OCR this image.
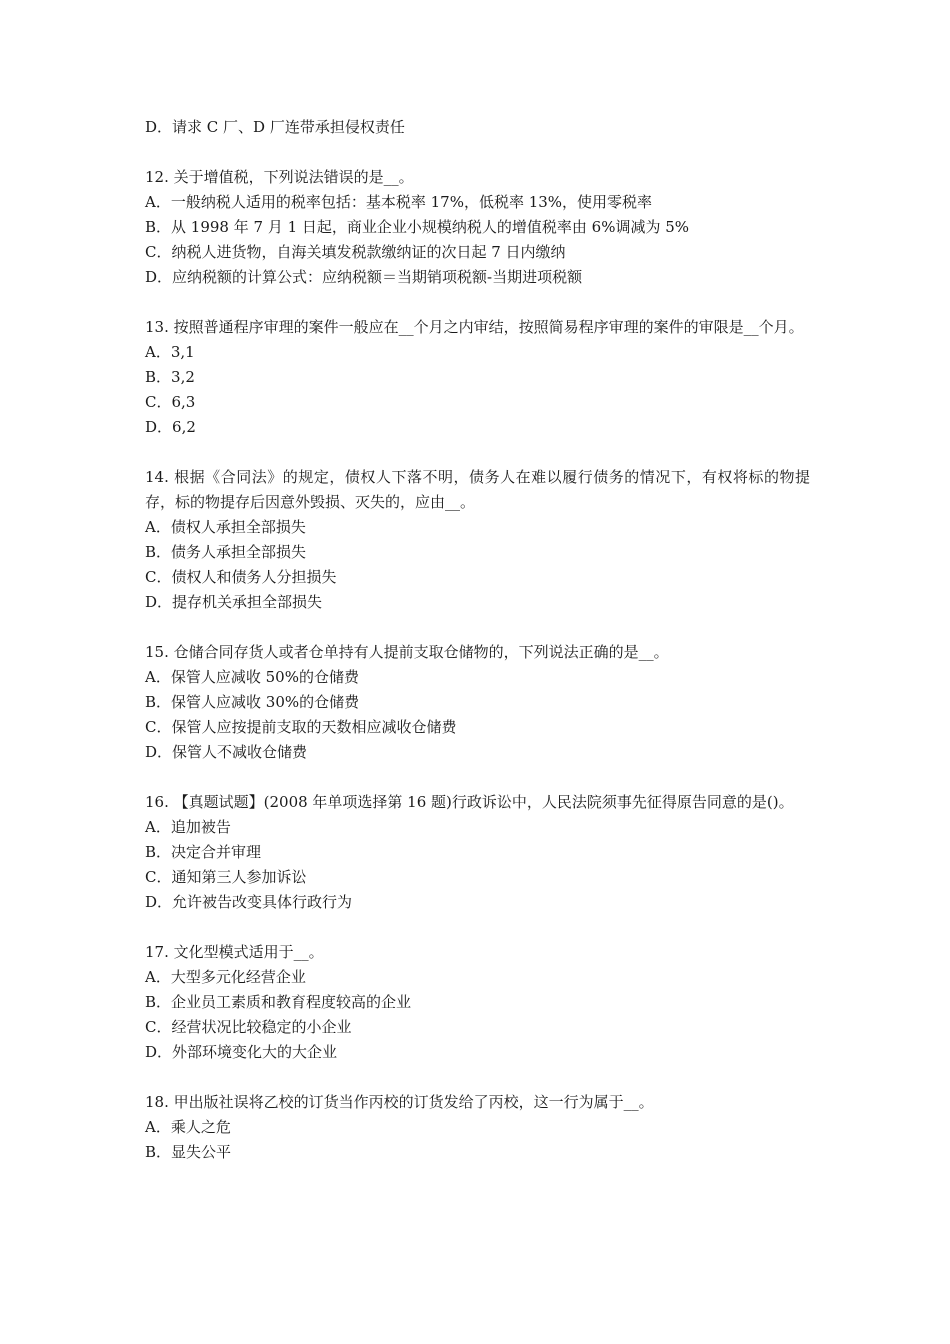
D．请求 C 厂、D 厂连带承担侵权责任
12. 关于增值税，下列说法错误的是__。
A．一般纳税人适用的税率包括：基本税率 17%，低税率 13%，使用零税率
B．从 1998 年 7 月 1 日起，商业企业小规模纳税人的增值税率由 6%调减为 5%
C．纳税人进货物，自海关填发税款缴纳证的次日起 7 日内缴纳
D．应纳税额的计算公式：应纳税额＝当期销项税额-当期进项税额
13. 按照普通程序审理的案件一般应在__个月之内审结，按照简易程序审理的案件的审限是__个月。
A．3,1
B．3,2
C．6,3
D．6,2
14. 根据《合同法》的规定，债权人下落不明，债务人在难以履行债务的情况下，有权将标的物提存，标的物提存后因意外毁损、灭失的，应由__。
A．债权人承担全部损失
B．债务人承担全部损失
C．债权人和债务人分担损失
D．提存机关承担全部损失
15. 仓储合同存货人或者仓单持有人提前支取仓储物的，下列说法正确的是__。
A．保管人应减收 50%的仓储费
B．保管人应减收 30%的仓储费
C．保管人应按提前支取的天数相应减收仓储费
D．保管人不减收仓储费
16. 【真题试题】(2008 年单项选择第 16 题)行政诉讼中，人民法院须事先征得原告同意的是()。
A．追加被告
B．决定合并审理
C．通知第三人参加诉讼
D．允许被告改变具体行政行为
17. 文化型模式适用于__。
A．大型多元化经营企业
B．企业员工素质和教育程度较高的企业
C．经营状况比较稳定的小企业
D．外部环境变化大的大企业
18. 甲出版社误将乙校的订货当作丙校的订货发给了丙校，这一行为属于__。
A．乘人之危
B．显失公平
